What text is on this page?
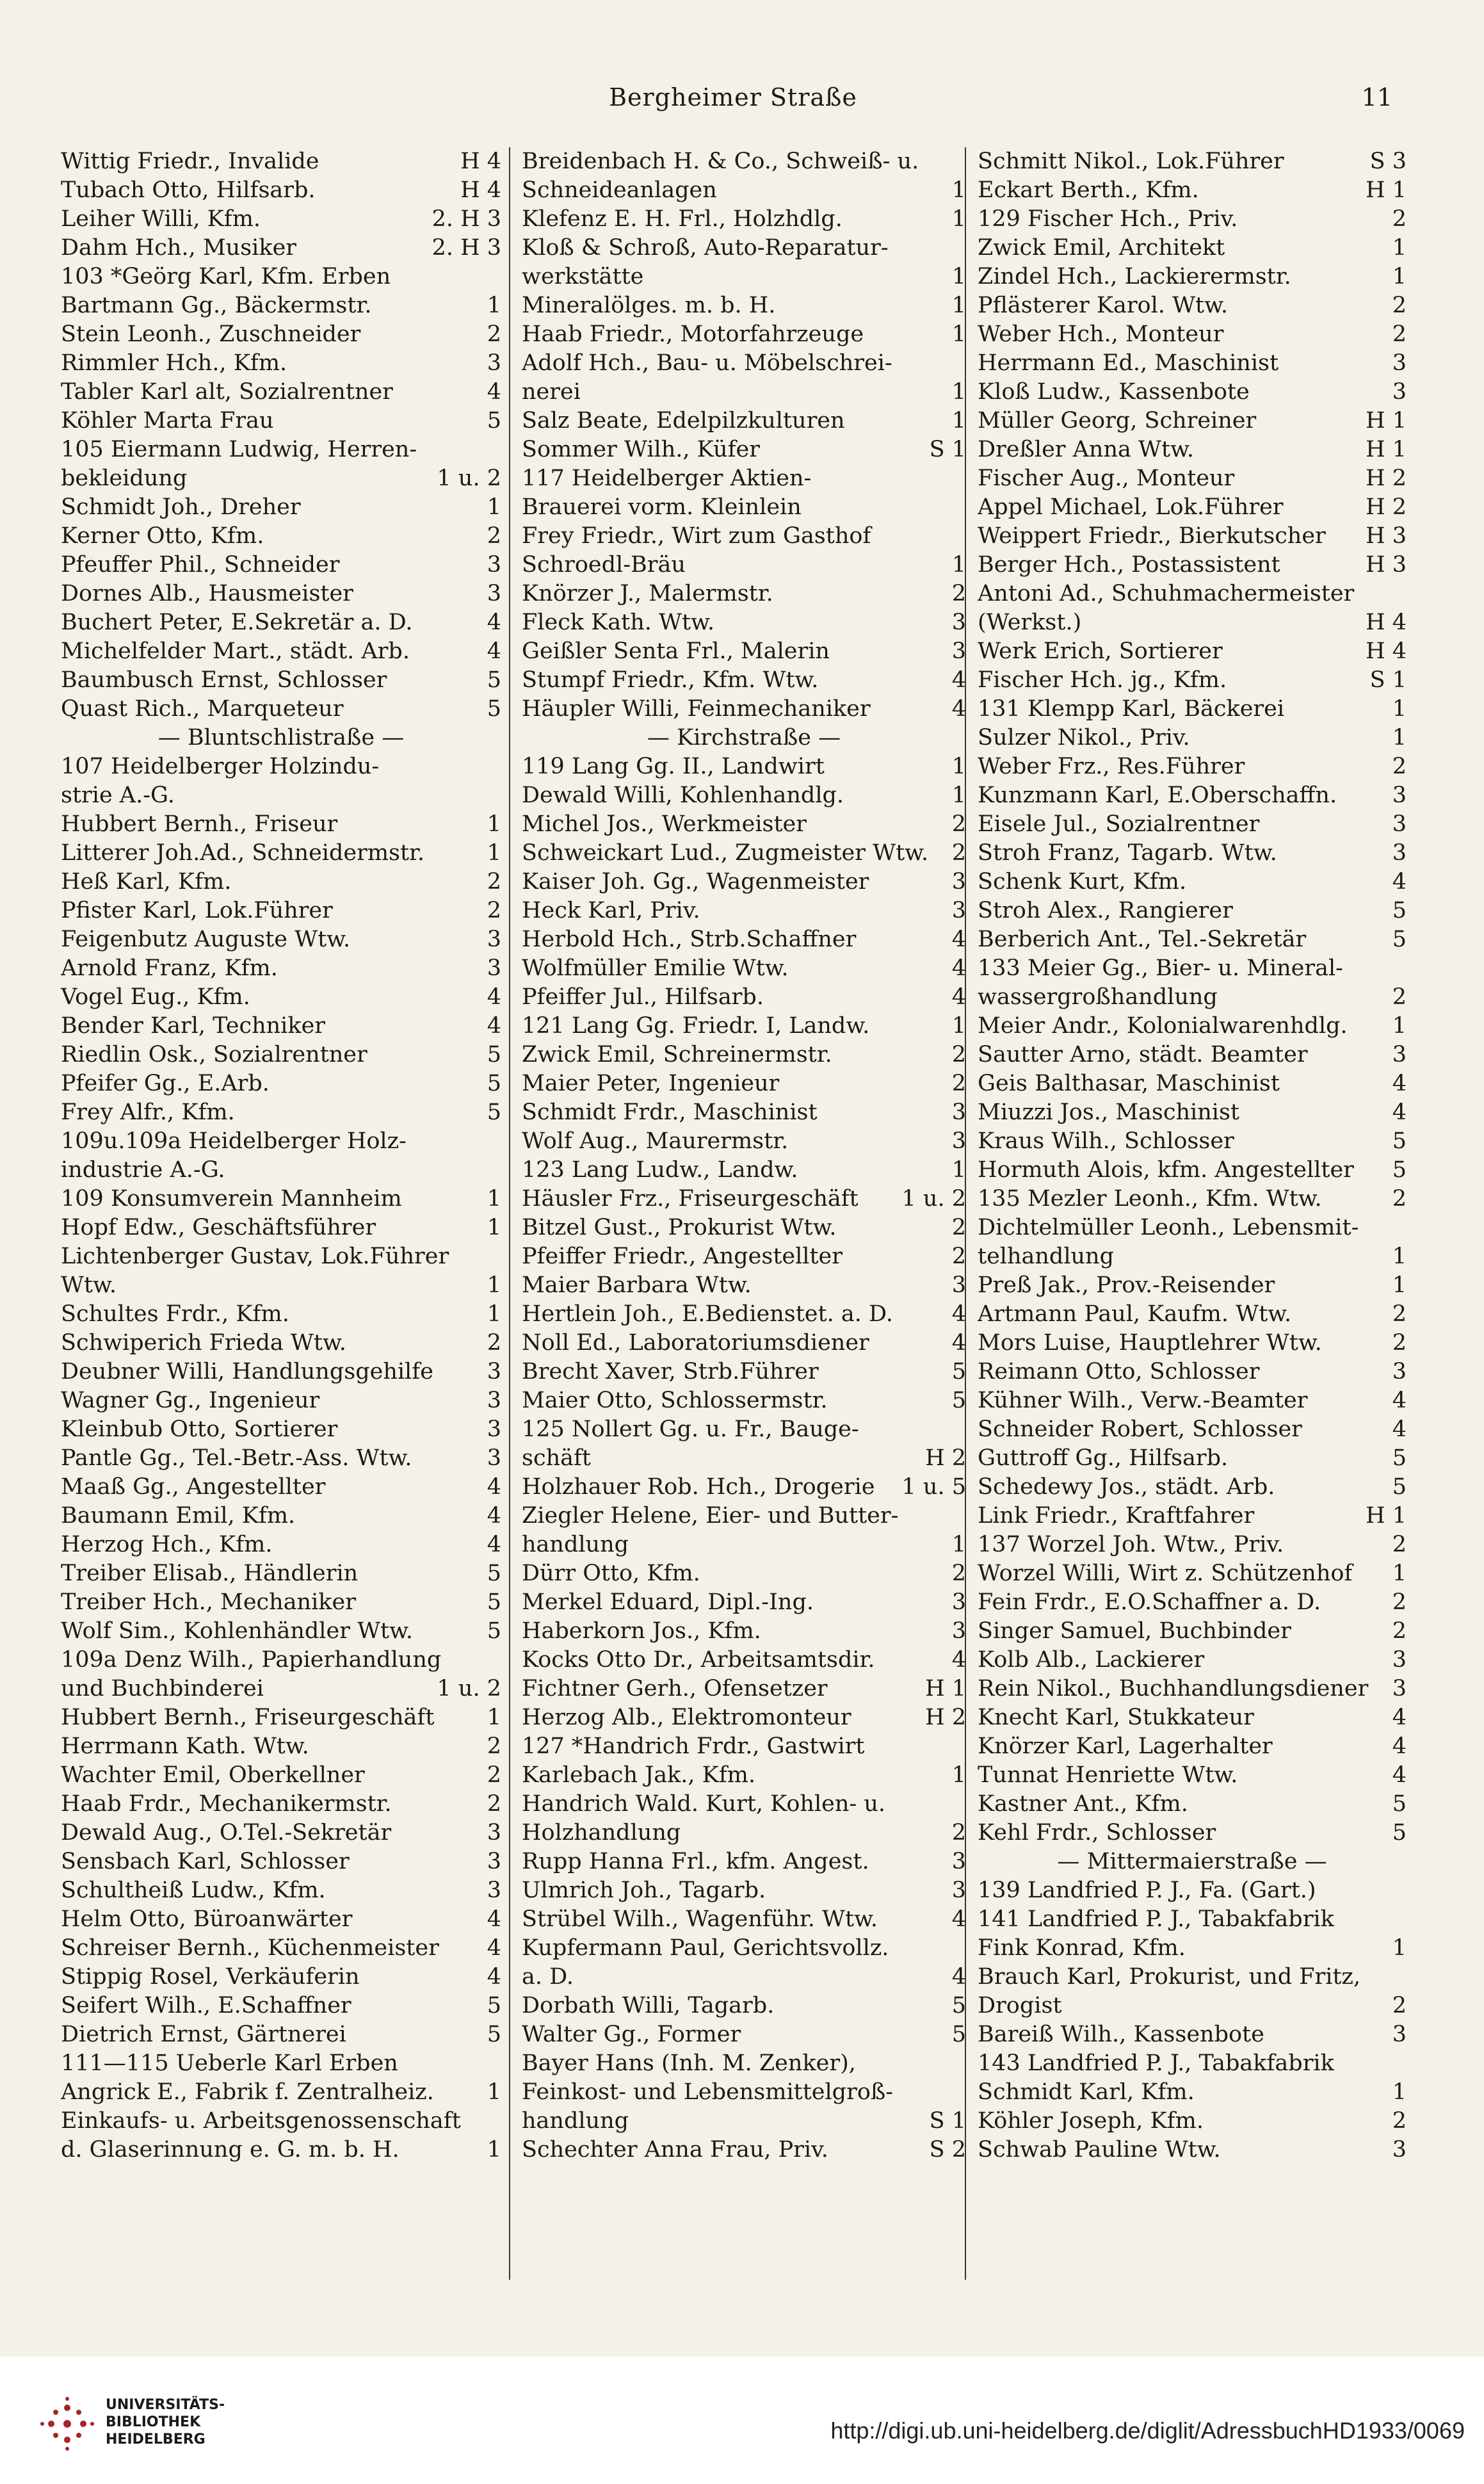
Bergheimer Straße	11
Wittig Friedr., Invalide	H 4
Tubach Otto, Hilfsarb.	H 4
Leiher Willi, Kfm.	2. H 3
Dahm Hch., Musiker	2. H 3
103 *Geörg Karl, Kfm. Erben
Bartmann Gg., Bäckermstr.	1
Stein Leonh., Zuschneider	2
Rimmler Hch., Kfm.	3
Tabler Karl alt, Sozialrentner	4
Köhler Marta Frau	5
105 Eiermann Ludwig, Herren-
bekleidung	1 u. 2
Schmidt Joh., Dreher	1
Kerner Otto, Kfm.	2
Pfeuffer Phil., Schneider	3
Dornes Alb., Hausmeister	3
Buchert Peter, E.Sekretär a. D.	4
Michelfelder Mart., städt. Arb.	4
Baumbusch Ernst, Schlosser	5
Quast Rich., Marqueteur	5
— Bluntschlistraße —
107 Heidelberger Holzindu-
strie A.-G.
Hubbert Bernh., Friseur	1
Litterer Joh.Ad., Schneidermstr.	1
Heß Karl, Kfm.	2
Pfister Karl, Lok.Führer	2
Feigenbutz Auguste Wtw.	3
Arnold Franz, Kfm.	3
Vogel Eug., Kfm.	4
Bender Karl, Techniker	4
Riedlin Osk., Sozialrentner	5
Pfeifer Gg., E.Arb.	5
Frey Alfr., Kfm.	5
109u.109a Heidelberger Holz-
industrie A.-G.
109 Konsumverein Mannheim	1
Hopf Edw., Geschäftsführer	1
Lichtenberger Gustav, Lok.Führer
Wtw.	1
Schultes Frdr., Kfm.	1
Schwiperich Frieda Wtw.	2
Deubner Willi, Handlungsgehilfe	3
Wagner Gg., Ingenieur	3
Kleinbub Otto, Sortierer	3
Pantle Gg., Tel.-Betr.-Ass. Wtw.	3
Maaß Gg., Angestellter	4
Baumann Emil, Kfm.	4
Herzog Hch., Kfm.	4
Treiber Elisab., Händlerin	5
Treiber Hch., Mechaniker	5
Wolf Sim., Kohlenhändler Wtw.	5
109a Denz Wilh., Papierhandlung
und Buchbinderei	1 u. 2
Hubbert Bernh., Friseurgeschäft	1
Herrmann Kath. Wtw.	2
Wachter Emil, Oberkellner	2
Haab Frdr., Mechanikermstr.	2
Dewald Aug., O.Tel.-Sekretär	3
Sensbach Karl, Schlosser	3
Schultheiß Ludw., Kfm.	3
Helm Otto, Büroanwärter	4
Schreiser Bernh., Küchenmeister	4
Stippig Rosel, Verkäuferin	4
Seifert Wilh., E.Schaffner	5
Dietrich Ernst, Gärtnerei	5
111—115 Ueberle Karl Erben
Angrick E., Fabrik f. Zentralheiz.	1
Einkaufs- u. Arbeitsgenossenschaft
d. Glaserinnung e. G. m. b. H.	1
Breidenbach H. & Co., Schweiß- u.
Schneideanlagen	1
Klefenz E. H. Frl., Holzhdlg.	1
Kloß & Schroß, Auto-Reparatur-
werkstätte	1
Mineralölges. m. b. H.	1
Haab Friedr., Motorfahrzeuge	1
Adolf Hch., Bau- u. Möbelschrei-
nerei	1
Salz Beate, Edelpilzkulturen	1
Sommer Wilh., Küfer	S 1
117 Heidelberger Aktien-
Brauerei vorm. Kleinlein
Frey Friedr., Wirt zum Gasthof
Schroedl-Bräu	1
Knörzer J., Malermstr.	2
Fleck Kath. Wtw.	3
Geißler Senta Frl., Malerin	3
Stumpf Friedr., Kfm. Wtw.	4
Häupler Willi, Feinmechaniker	4
— Kirchstraße —
119 Lang Gg. II., Landwirt	1
Dewald Willi, Kohlenhandlg.	1
Michel Jos., Werkmeister	2
Schweickart Lud., Zugmeister Wtw.	2
Kaiser Joh. Gg., Wagenmeister	3
Heck Karl, Priv.	3
Herbold Hch., Strb.Schaffner	4
Wolfmüller Emilie Wtw.	4
Pfeiffer Jul., Hilfsarb.	4
121 Lang Gg. Friedr. I, Landw.	1
Zwick Emil, Schreinermstr.	2
Maier Peter, Ingenieur	2
Schmidt Frdr., Maschinist	3
Wolf Aug., Maurermstr.	3
123 Lang Ludw., Landw.	1
Häusler Frz., Friseurgeschäft	1 u. 2
Bitzel Gust., Prokurist Wtw.	2
Pfeiffer Friedr., Angestellter	2
Maier Barbara Wtw.	3
Hertlein Joh., E.Bedienstet. a. D.	4
Noll Ed., Laboratoriumsdiener	4
Brecht Xaver, Strb.Führer	5
Maier Otto, Schlossermstr.	5
125 Nollert Gg. u. Fr., Bauge-
schäft	H 2
Holzhauer Rob. Hch., Drogerie	1 u. 5
Ziegler Helene, Eier- und Butter-
handlung	1
Dürr Otto, Kfm.	2
Merkel Eduard, Dipl.-Ing.	3
Haberkorn Jos., Kfm.	3
Kocks Otto Dr., Arbeitsamtsdir.	4
Fichtner Gerh., Ofensetzer	H 1
Herzog Alb., Elektromonteur	H 2
127 *Handrich Frdr., Gastwirt
Karlebach Jak., Kfm.	1
Handrich Wald. Kurt, Kohlen- u.
Holzhandlung	2
Rupp Hanna Frl., kfm. Angest.	3
Ulmrich Joh., Tagarb.	3
Strübel Wilh., Wagenführ. Wtw.	4
Kupfermann Paul, Gerichtsvollz.
a. D.	4
Dorbath Willi, Tagarb.	5
Walter Gg., Former	5
Bayer Hans (Inh. M. Zenker),
Feinkost- und Lebensmittelgroß-
handlung	S 1
Schechter Anna Frau, Priv.	S 2
Schmitt Nikol., Lok.Führer	S 3
Eckart Berth., Kfm.	H 1
129 Fischer Hch., Priv.	2
Zwick Emil, Architekt	1
Zindel Hch., Lackierermstr.	1
Pflästerer Karol. Wtw.	2
Weber Hch., Monteur	2
Herrmann Ed., Maschinist	3
Kloß Ludw., Kassenbote	3
Müller Georg, Schreiner	H 1
Dreßler Anna Wtw.	H 1
Fischer Aug., Monteur	H 2
Appel Michael, Lok.Führer	H 2
Weippert Friedr., Bierkutscher	H 3
Berger Hch., Postassistent	H 3
Antoni Ad., Schuhmachermeister
(Werkst.)	H 4
Werk Erich, Sortierer	H 4
Fischer Hch. jg., Kfm.	S 1
131 Klempp Karl, Bäckerei	1
Sulzer Nikol., Priv.	1
Weber Frz., Res.Führer	2
Kunzmann Karl, E.Oberschaffn.	3
Eisele Jul., Sozialrentner	3
Stroh Franz, Tagarb. Wtw.	3
Schenk Kurt, Kfm.	4
Stroh Alex., Rangierer	5
Berberich Ant., Tel.-Sekretär	5
133 Meier Gg., Bier- u. Mineral-
wassergroßhandlung	2
Meier Andr., Kolonialwarenhdlg.	1
Sautter Arno, städt. Beamter	3
Geis Balthasar, Maschinist	4
Miuzzi Jos., Maschinist	4
Kraus Wilh., Schlosser	5
Hormuth Alois, kfm. Angestellter	5
135 Mezler Leonh., Kfm. Wtw.	2
Dichtelmüller Leonh., Lebensmit-
telhandlung	1
Preß Jak., Prov.-Reisender	1
Artmann Paul, Kaufm. Wtw.	2
Mors Luise, Hauptlehrer Wtw.	2
Reimann Otto, Schlosser	3
Kühner Wilh., Verw.-Beamter	4
Schneider Robert, Schlosser	4
Guttroff Gg., Hilfsarb.	5
Schedewy Jos., städt. Arb.	5
Link Friedr., Kraftfahrer	H 1
137 Worzel Joh. Wtw., Priv.	2
Worzel Willi, Wirt z. Schützenhof	1
Fein Frdr., E.O.Schaffner a. D.	2
Singer Samuel, Buchbinder	2
Kolb Alb., Lackierer	3
Rein Nikol., Buchhandlungsdiener	3
Knecht Karl, Stukkateur	4
Knörzer Karl, Lagerhalter	4
Tunnat Henriette Wtw.	4
Kastner Ant., Kfm.	5
Kehl Frdr., Schlosser	5
— Mittermaierstraße —
139 Landfried P. J., Fa. (Gart.)
141 Landfried P. J., Tabakfabrik
Fink Konrad, Kfm.	1
Brauch Karl, Prokurist, und Fritz,
Drogist	2
Bareiß Wilh., Kassenbote	3
143 Landfried P. J., Tabakfabrik
Schmidt Karl, Kfm.	1
Köhler Joseph, Kfm.	2
Schwab Pauline Wtw.	3
UNIVERSITÄTS-
BIBLIOTHEK
HEIDELBERG	http://digi.ub.uni-heidelberg.de/diglit/AdressbuchHD1933/0069
